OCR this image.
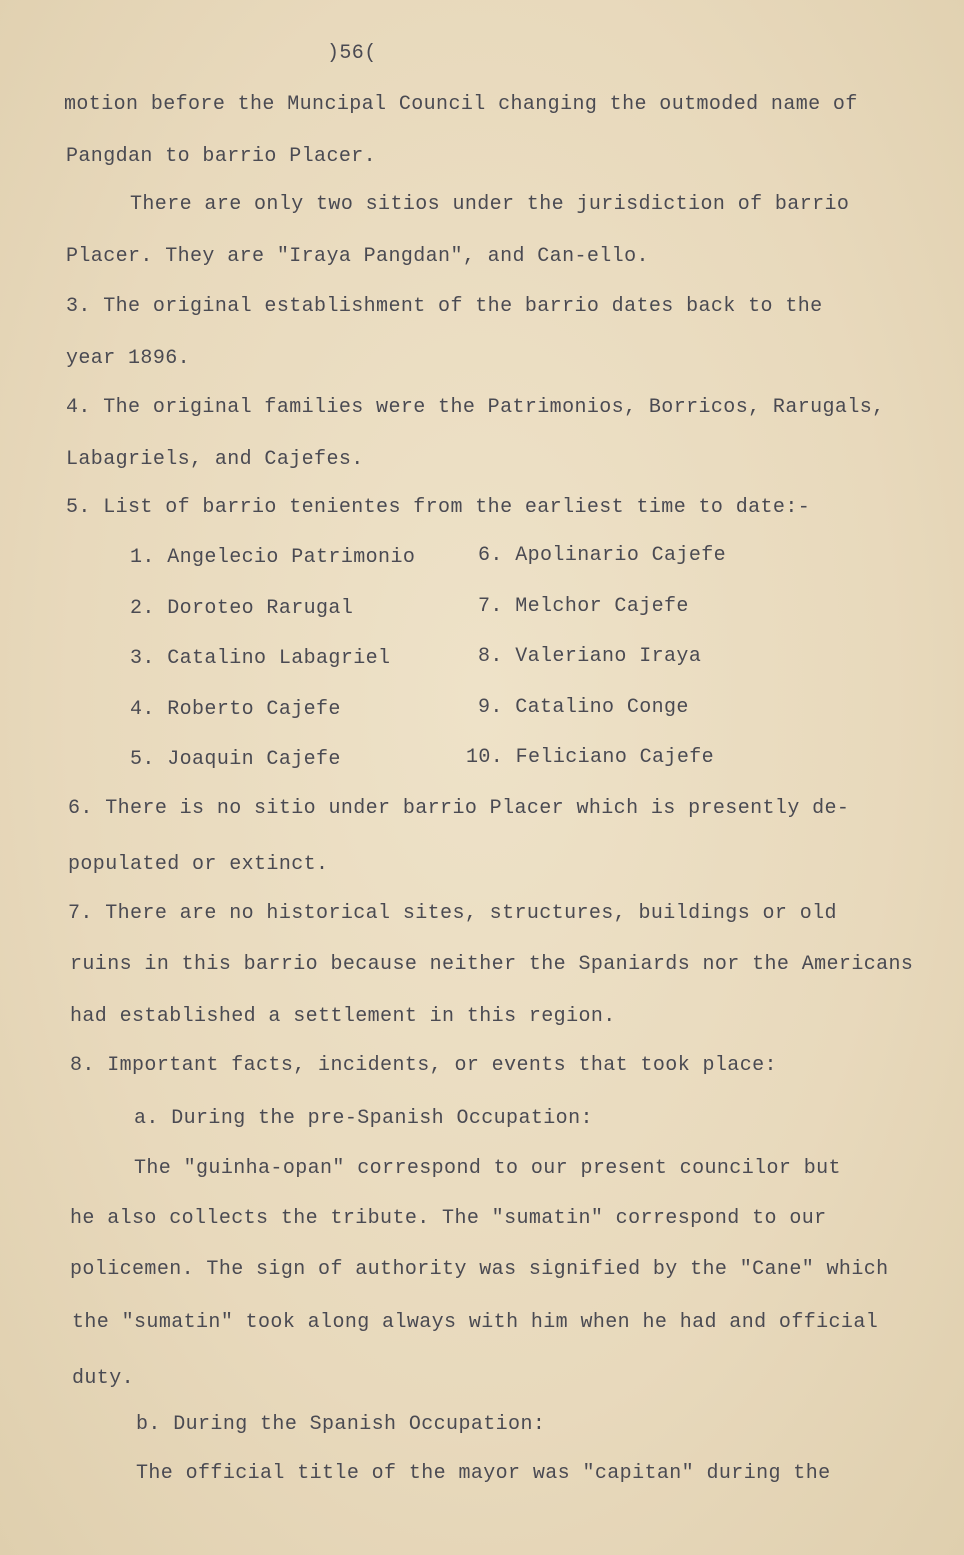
)56(
motion before the Muncipal Council changing the outmoded name of
Pangdan to barrio Placer.
There are only two sitios under the jurisdiction of barrio
Placer. They are "Iraya Pangdan", and Can-ello.
3. The original establishment of the barrio dates back to the
year 1896.
4. The original families were the Patrimonios, Borricos, Rarugals,
Labagriels, and Cajefes.
5. List of barrio tenientes from the earliest time to date:-
1. Angelecio Patrimonio
2. Doroteo Rarugal
3. Catalino Labagriel
4. Roberto Cajefe
5. Joaquin Cajefe
6. Apolinario Cajefe
7. Melchor Cajefe
8. Valeriano Iraya
9. Catalino Conge
10. Feliciano Cajefe
6. There is no sitio under barrio Placer which is presently de-
populated or extinct.
7. There are no historical sites, structures, buildings or old
ruins in this barrio because neither the Spaniards nor the Americans
had established a settlement in this region.
8. Important facts, incidents, or events that took place:
a. During the pre-Spanish Occupation:
The "guinha-opan" correspond to our present councilor but
he also collects the tribute. The "sumatin" correspond to our
policemen. The sign of authority was signified by the "Cane" which
the "sumatin" took along always with him when he had and official
duty.
b. During the Spanish Occupation:
The official title of the mayor was "capitan" during the
